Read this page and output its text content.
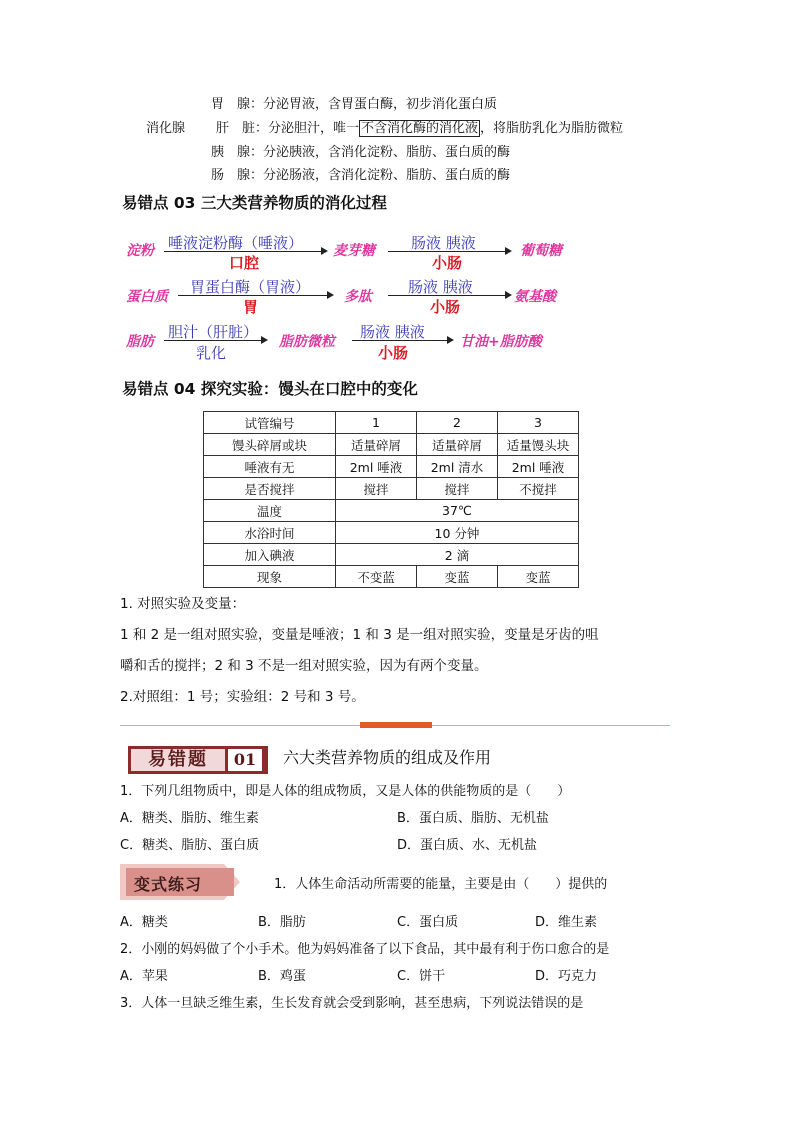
胃　腺：分泌胃液，含胃蛋白酶，初步消化蛋白质
消化腺 肝　脏：分泌胆汁，唯一 不含消化酶的消化液 ，将脂肪乳化为脂肪微粒
胰　腺：分泌胰液，含消化淀粉、脂肪、蛋白质的酶
肠　腺：分泌肠液，含消化淀粉、脂肪、蛋白质的酶
易错点 03 三大类营养物质的消化过程
淀粉 唾液淀粉酶（唾液）
口腔
麦芽糖 肠液 胰液
小肠
葡萄糖
蛋白质
胃蛋白酶（胃液）
胃
多肽
肠液 胰液
小肠
氨基酸
脂肪
胆汁（肝脏）
乳化
脂肪微粒
肠液 胰液
小肠
甘油+脂肪酸
易错点 04 探究实验：馒头在口腔中的变化
试管编号	1	2	3
馒头碎屑或块	适量碎屑	适量碎屑	适量馒头块
唾液有无	2ml 唾液	2ml 清水	2ml 唾液
是否搅拌	搅拌	搅拌	不搅拌
温度	37℃		
水浴时间	10 分钟		
加入碘液	2 滴		
现象	不变蓝	变蓝	变蓝
1. 对照实验及变量：
1 和 2 是一组对照实验，变量是唾液；1 和 3 是一组对照实验，变量是牙齿的咀
嚼和舌的搅拌；2 和 3 不是一组对照实验，因为有两个变量。
2.对照组：1 号；实验组：2 号和 3 号。
易错题	01	六大类营养物质的组成及作用
1．下列几组物质中，即是人体的组成物质，又是人体的供能物质的是（　　）
A．糖类、脂肪、维生素	B．蛋白质、脂肪、无机盐
C．糖类、脂肪、蛋白质	D．蛋白质、水、无机盐
变式练习	1．人体生命活动所需要的能量，主要是由（　　）提供的
A．糖类	B．脂肪	C．蛋白质	D．维生素
2．小刚的妈妈做了个小手术。他为妈妈准备了以下食品，其中最有利于伤口愈合的是
A．苹果	B．鸡蛋	C．饼干	D．巧克力
3．人体一旦缺乏维生素，生长发育就会受到影响，甚至患病，下列说法错误的是
